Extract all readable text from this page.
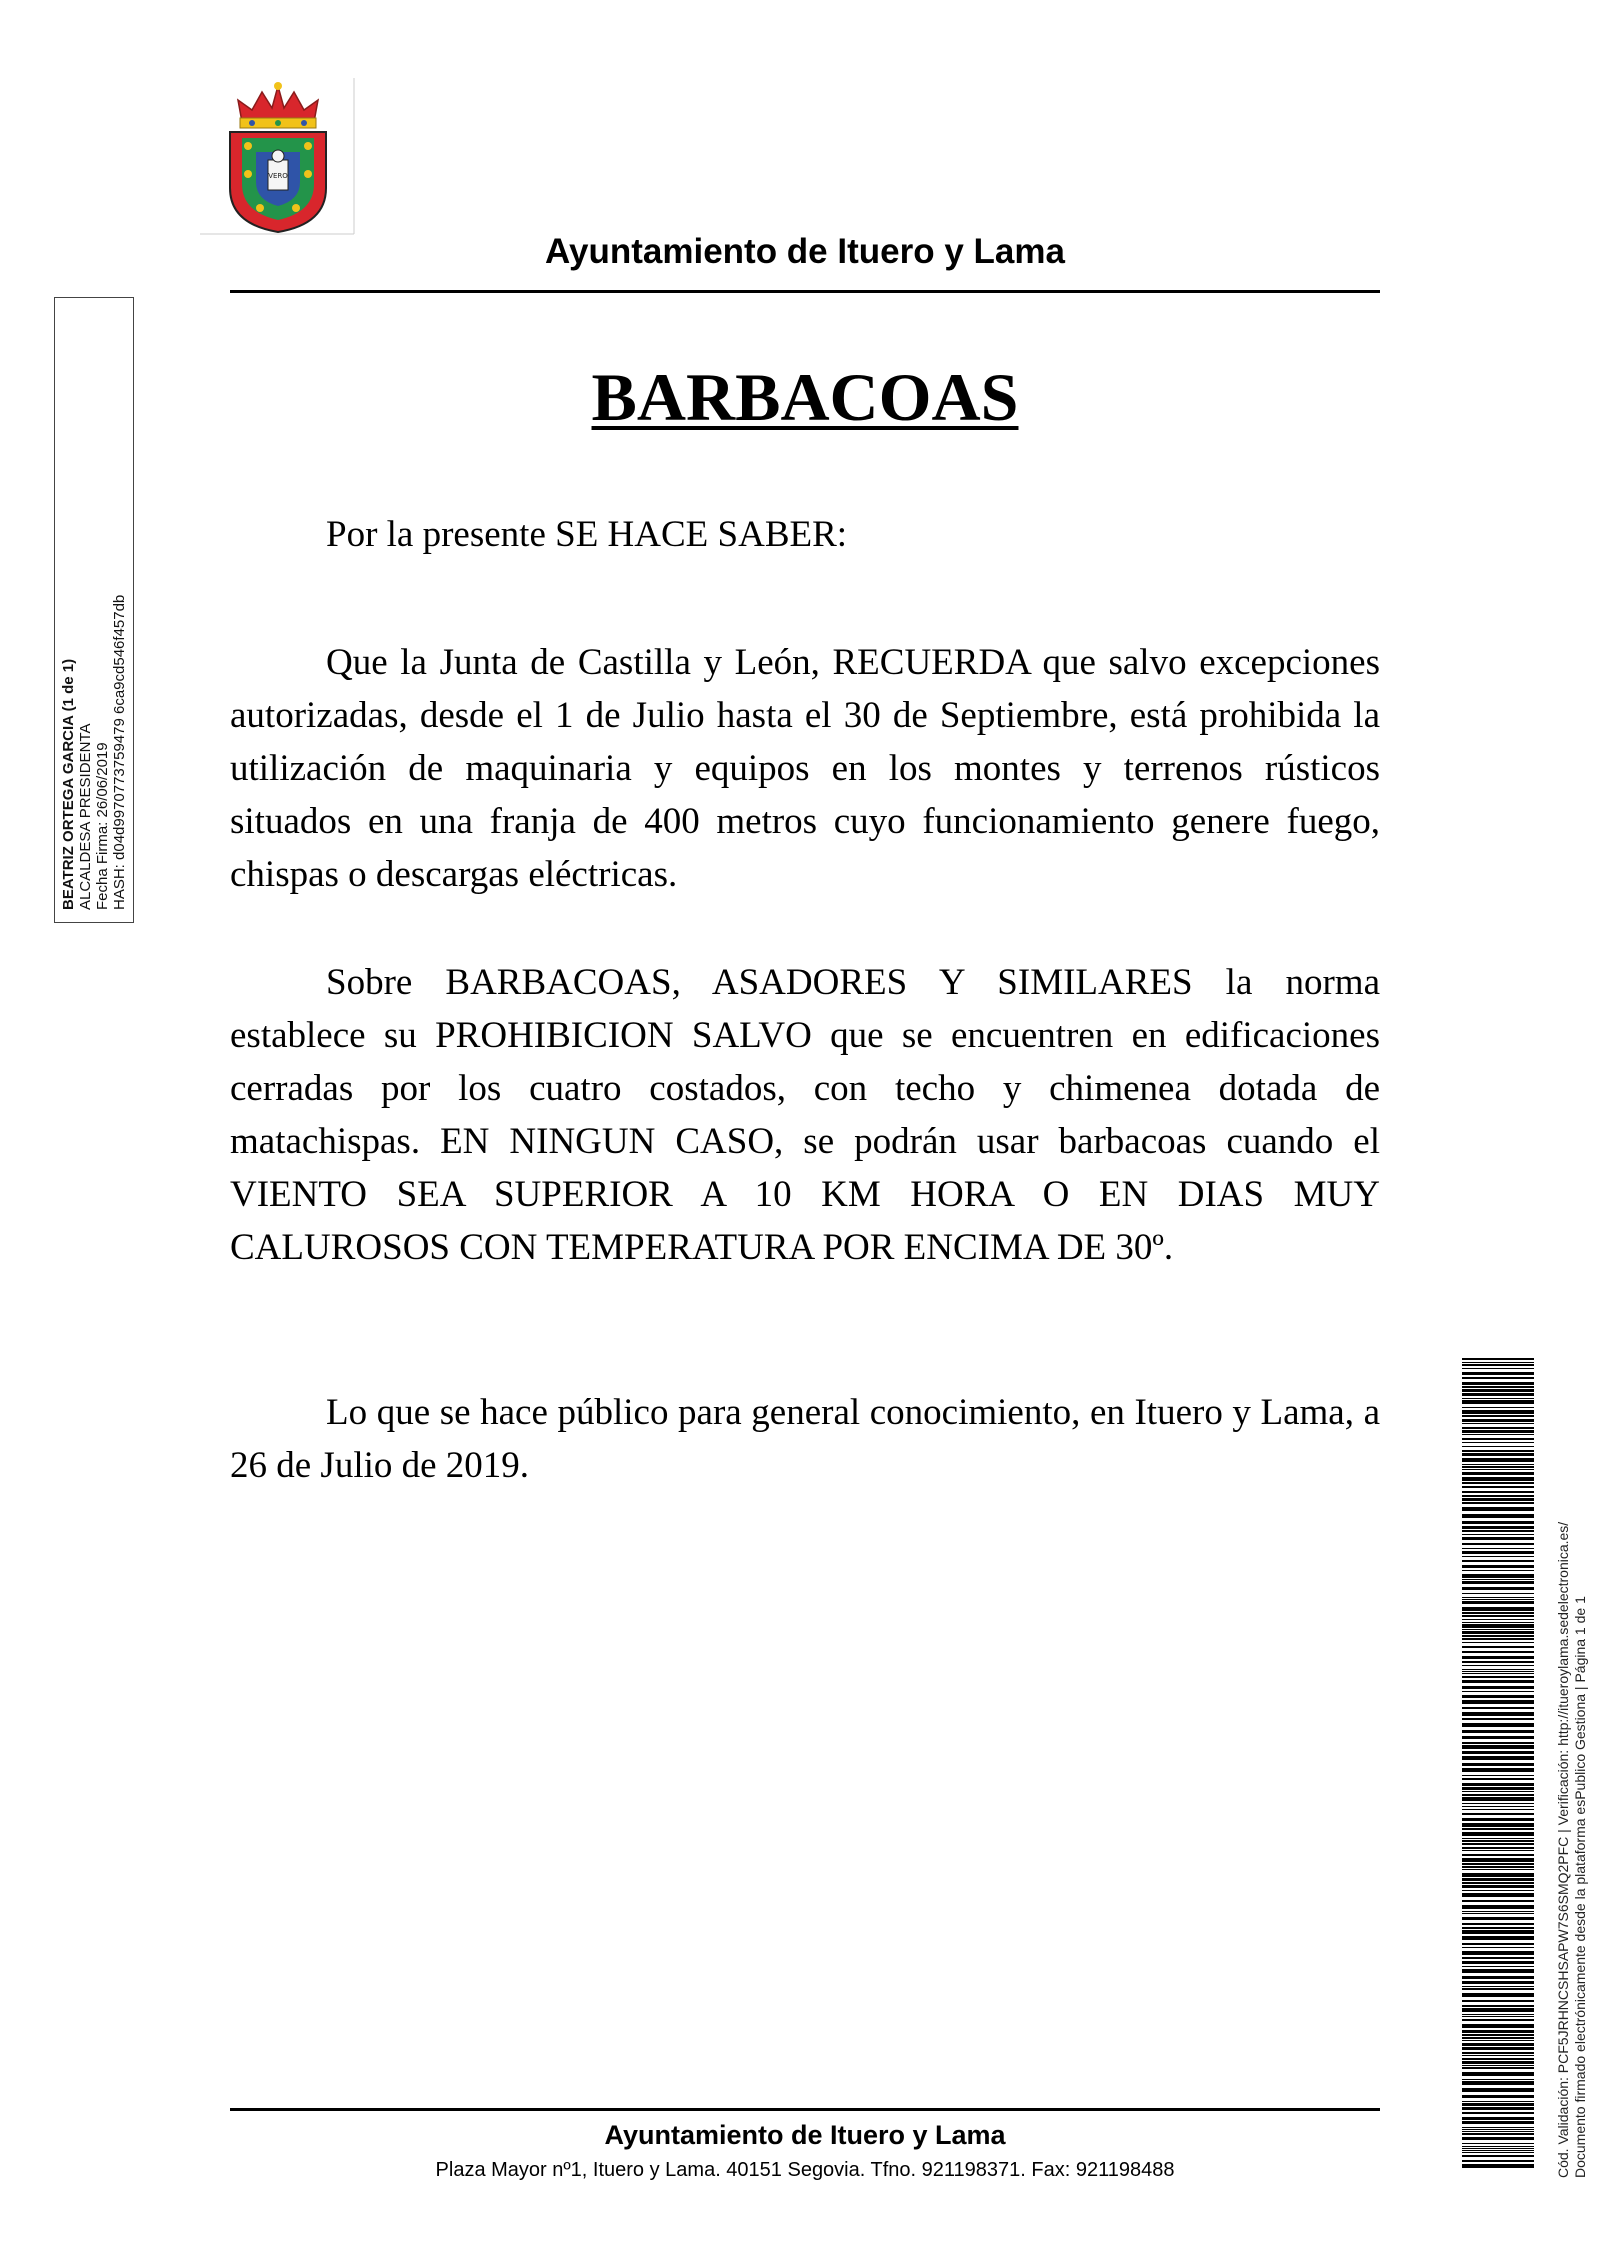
VERO
Ayuntamiento de Ituero y Lama
BARBACOAS
Por la presente SE HACE SABER:
Que la Junta de Castilla y León, RECUERDA que salvo excepciones autorizadas, desde el 1 de Julio hasta el 30 de Septiembre, está prohibida la utilización de maquinaria y equipos en los montes y terrenos rústicos situados en una franja de 400 metros cuyo funcionamiento genere fuego, chispas o descargas eléctricas.
Sobre BARBACOAS, ASADORES Y SIMILARES la norma establece su PROHIBICION SALVO que se encuentren en edificaciones cerradas por los cuatro costados, con techo y chimenea dotada de matachispas. EN NINGUN CASO, se podrán usar barbacoas cuando el VIENTO SEA SUPERIOR A 10 KM HORA O EN DIAS MUY CALUROSOS CON TEMPERATURA POR ENCIMA DE 30º.
Lo que se hace público para general conocimiento, en Ituero y Lama, a 26 de Julio de 2019.
BEATRIZ ORTEGA GARCIA (1 de 1) ALCALDESA PRESIDENTA Fecha Firma: 26/06/2019 HASH: d04d9970773759479 6ca9cd546f457db
Cód. Validación: PCF5JRHNCSHSAPW7S6SMQ2PFC | Verificación: http://itueroylama.sedelectronica.es/ Documento firmado electrónicamente desde la plataforma esPublico Gestiona | Página 1 de 1
Ayuntamiento de Ituero y Lama
Plaza Mayor nº1, Ituero y Lama. 40151 Segovia. Tfno. 921198371. Fax: 921198488
